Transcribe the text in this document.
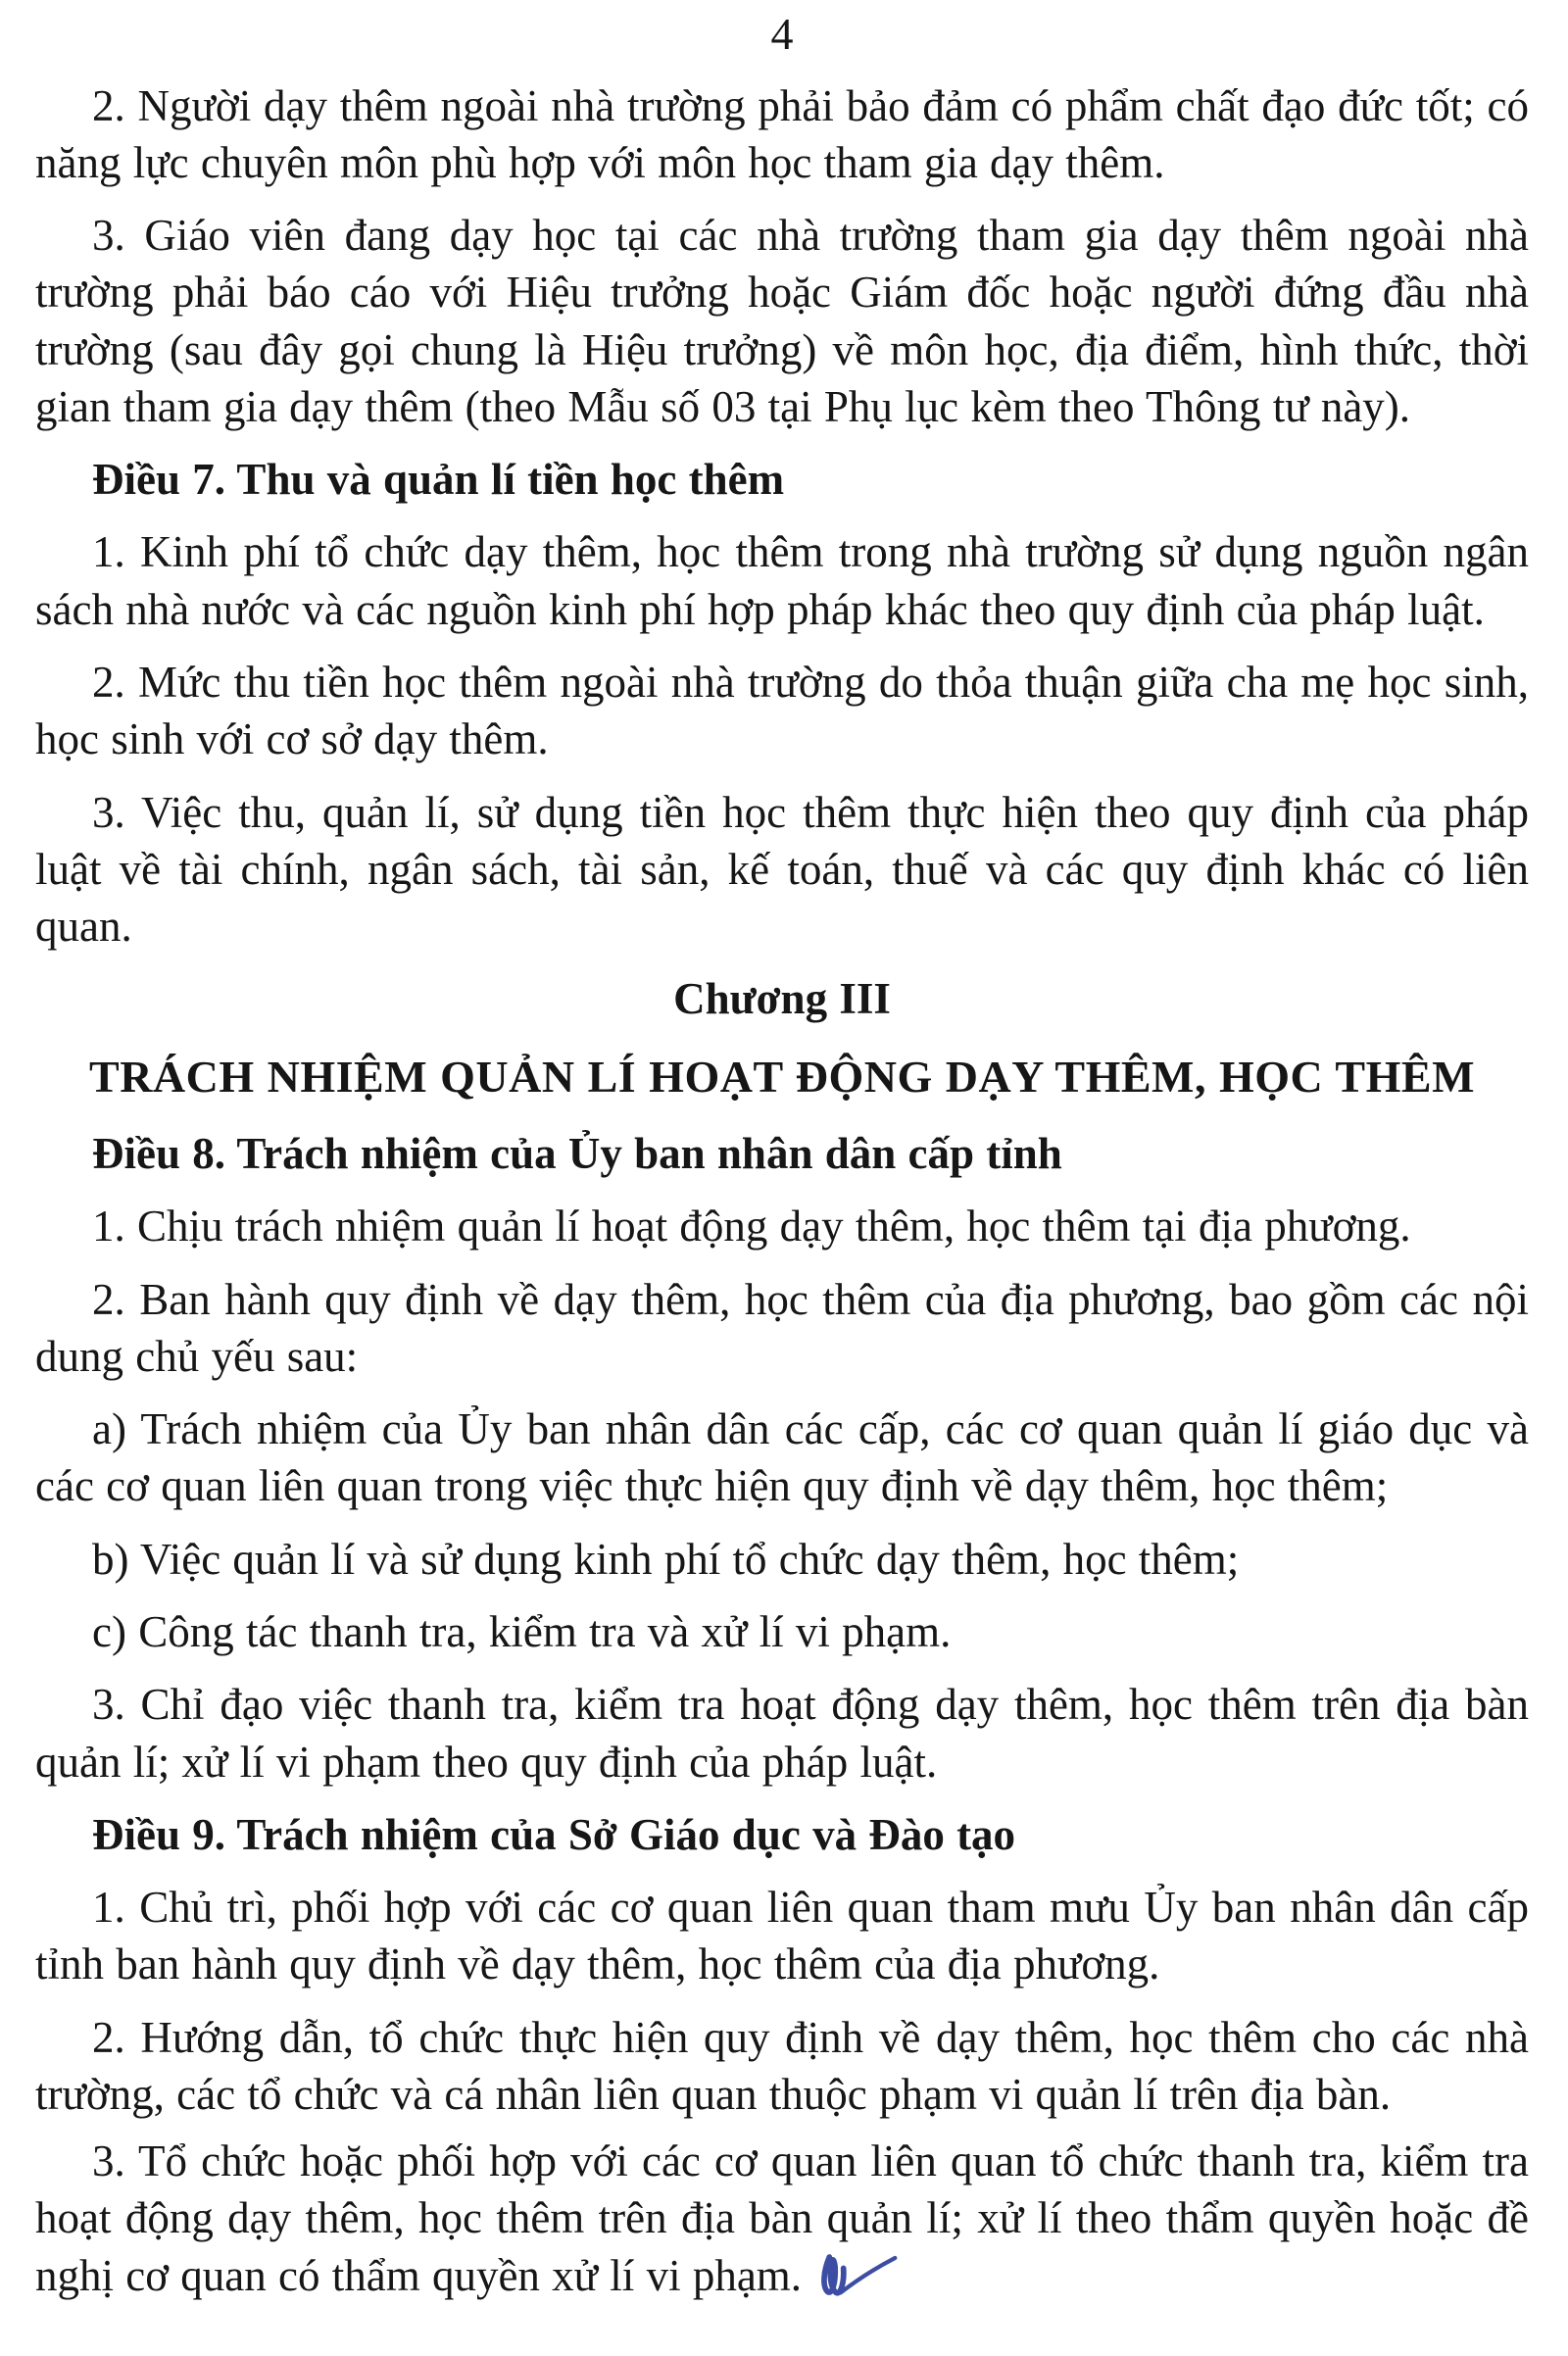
4

2. Người dạy thêm ngoài nhà trường phải bảo đảm có phẩm chất đạo đức tốt; có năng lực chuyên môn phù hợp với môn học tham gia dạy thêm.

3. Giáo viên đang dạy học tại các nhà trường tham gia dạy thêm ngoài nhà trường phải báo cáo với Hiệu trưởng hoặc Giám đốc hoặc người đứng đầu nhà trường (sau đây gọi chung là Hiệu trưởng) về môn học, địa điểm, hình thức, thời gian tham gia dạy thêm (theo Mẫu số 03 tại Phụ lục kèm theo Thông tư này).

Điều 7. Thu và quản lí tiền học thêm

1. Kinh phí tổ chức dạy thêm, học thêm trong nhà trường sử dụng nguồn ngân sách nhà nước và các nguồn kinh phí hợp pháp khác theo quy định của pháp luật.

2. Mức thu tiền học thêm ngoài nhà trường do thỏa thuận giữa cha mẹ học sinh, học sinh với cơ sở dạy thêm.

3. Việc thu, quản lí, sử dụng tiền học thêm thực hiện theo quy định của pháp luật về tài chính, ngân sách, tài sản, kế toán, thuế và các quy định khác có liên quan.

Chương III

TRÁCH NHIỆM QUẢN LÍ HOẠT ĐỘNG DẠY THÊM, HỌC THÊM

Điều 8. Trách nhiệm của Ủy ban nhân dân cấp tỉnh

1. Chịu trách nhiệm quản lí hoạt động dạy thêm, học thêm tại địa phương.

2. Ban hành quy định về dạy thêm, học thêm của địa phương, bao gồm các nội dung chủ yếu sau:

a) Trách nhiệm của Ủy ban nhân dân các cấp, các cơ quan quản lí giáo dục và các cơ quan liên quan trong việc thực hiện quy định về dạy thêm, học thêm;

b) Việc quản lí và sử dụng kinh phí tổ chức dạy thêm, học thêm;

c) Công tác thanh tra, kiểm tra và xử lí vi phạm.

3. Chỉ đạo việc thanh tra, kiểm tra hoạt động dạy thêm, học thêm trên địa bàn quản lí; xử lí vi phạm theo quy định của pháp luật.

Điều 9. Trách nhiệm của Sở Giáo dục và Đào tạo

1. Chủ trì, phối hợp với các cơ quan liên quan tham mưu Ủy ban nhân dân cấp tỉnh ban hành quy định về dạy thêm, học thêm của địa phương.

2. Hướng dẫn, tổ chức thực hiện quy định về dạy thêm, học thêm cho các nhà trường, các tổ chức và cá nhân liên quan thuộc phạm vi quản lí trên địa bàn.

3. Tổ chức hoặc phối hợp với các cơ quan liên quan tổ chức thanh tra, kiểm tra hoạt động dạy thêm, học thêm trên địa bàn quản lí; xử lí theo thẩm quyền hoặc đề nghị cơ quan có thẩm quyền xử lí vi phạm.
